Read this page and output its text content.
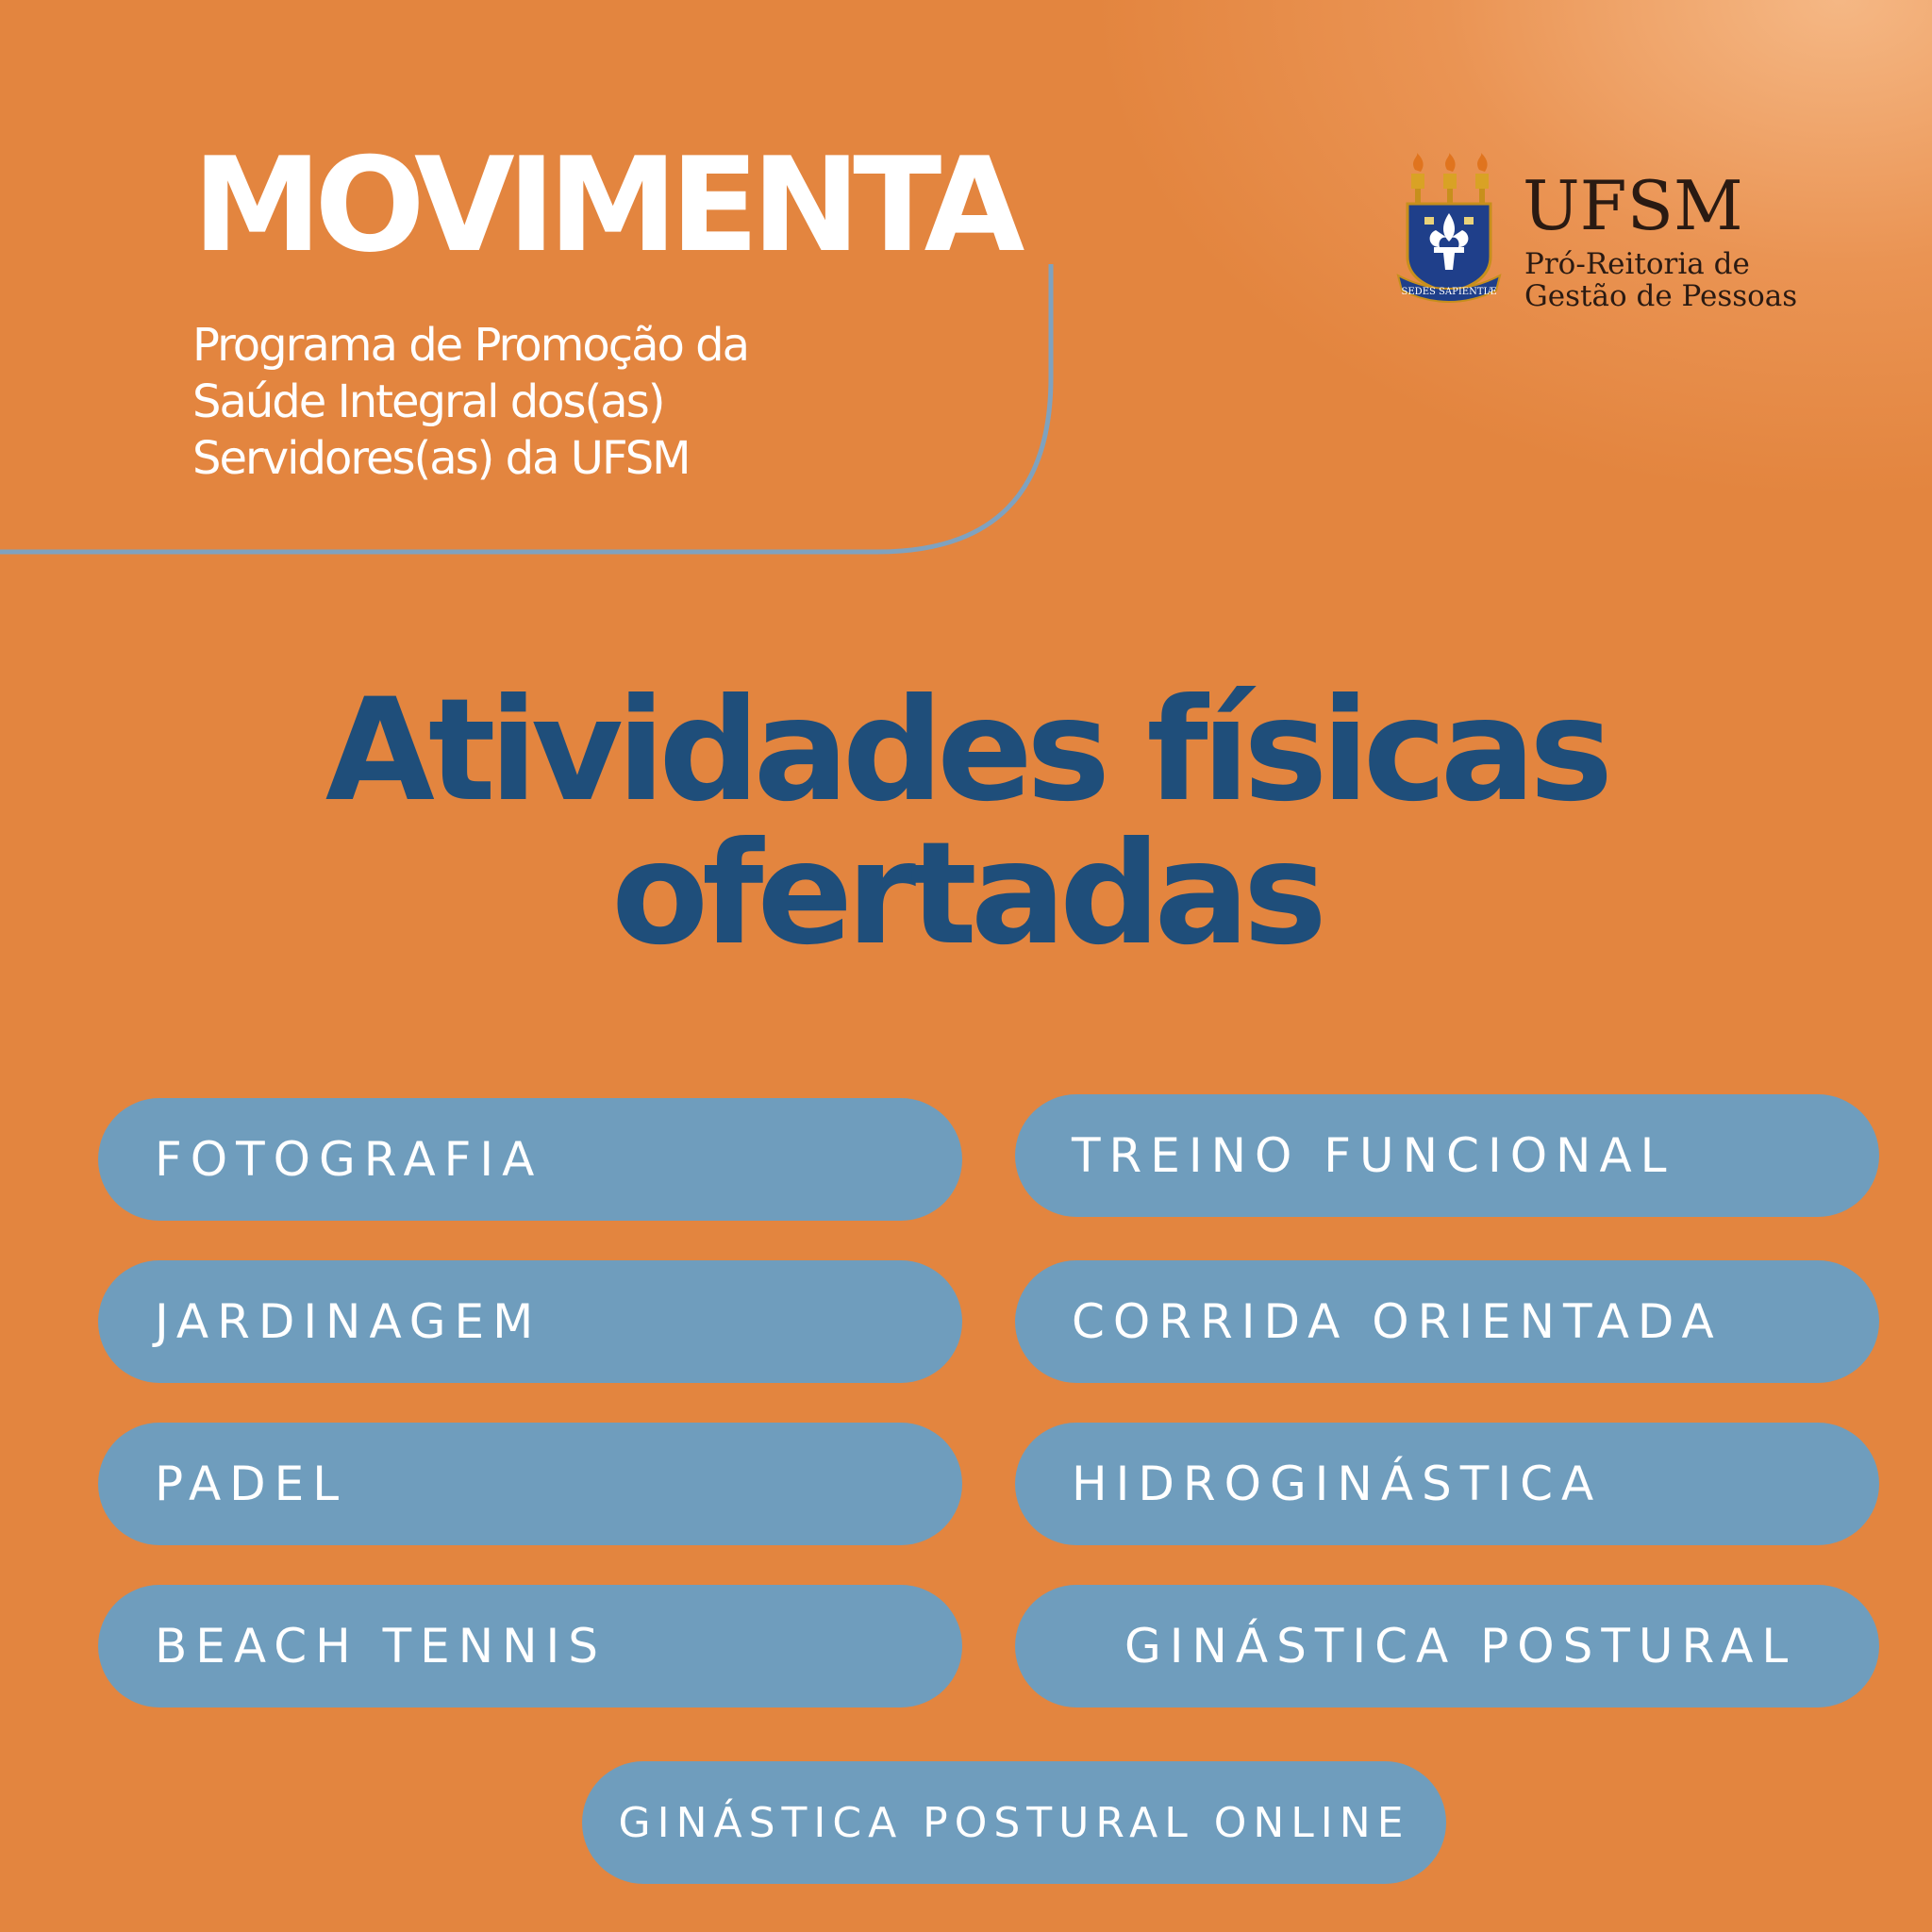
MOVIMENTA
Programa de Promoção da
Saúde Integral dos(as)
Servidores(as) da UFSM
SEDES SAPIENTIÆ
UFSM
Pró-Reitoria de
Gestão de Pessoas
Atividades físicas
ofertadas
FOTOGRAFIA	TREINO FUNCIONAL
JARDINAGEM	CORRIDA ORIENTADA
PADEL	HIDROGINÁSTICA
BEACH TENNIS	GINÁSTICA POSTURAL
GINÁSTICA POSTURAL ONLINE
